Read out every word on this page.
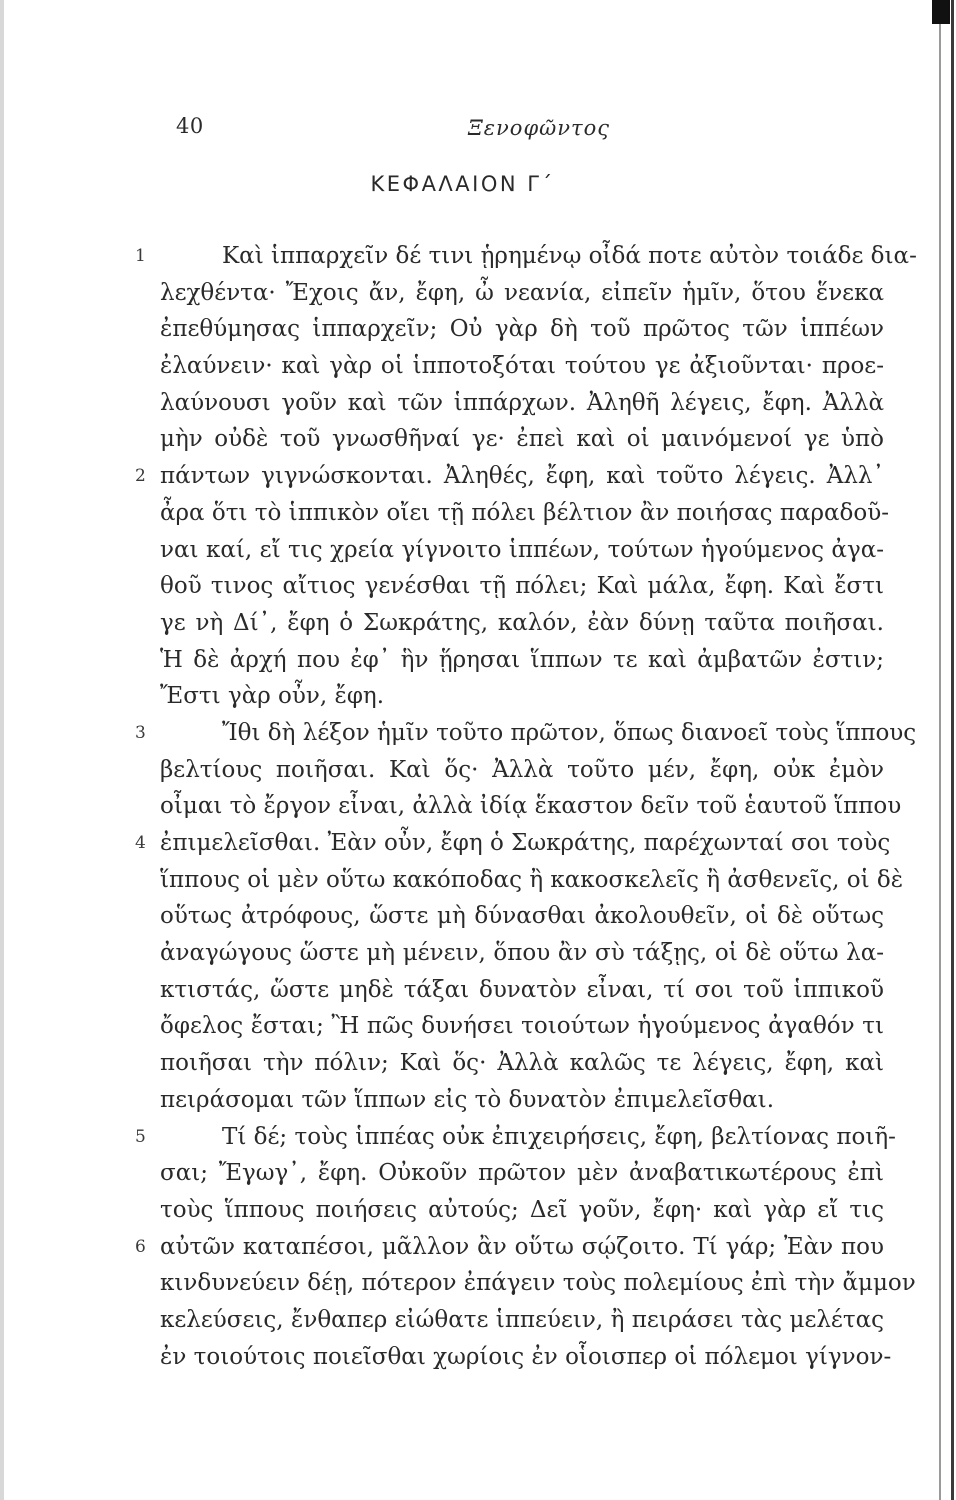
40	Ξενοφῶντος
ΚΕΦΑΛΑΙΟΝ Γ΄
1	Καὶ ἱππαρχεῖν δέ τινι ᾑρημένῳ οἶδά ποτε αὐτὸν τοιάδε δια-
λεχθέντα· Ἔχοις ἄν, ἔφη, ὦ νεανία, εἰπεῖν ἡμῖν, ὅτου ἕνεκα
ἐπεθύμησας ἱππαρχεῖν; Οὐ γὰρ δὴ τοῦ πρῶτος τῶν ἱππέων
ἐλαύνειν· καὶ γὰρ οἱ ἱπποτοξόται τούτου γε ἀξιοῦνται· προε-
λαύνουσι γοῦν καὶ τῶν ἱππάρχων. Ἀληθῆ λέγεις, ἔφη. Ἀλλὰ
μὴν οὐδὲ τοῦ γνωσθῆναί γε· ἐπεὶ καὶ οἱ μαινόμενοί γε ὑπὸ
2 πάντων γιγνώσκονται. Ἀληθές, ἔφη, καὶ τοῦτο λέγεις. Ἀλλ᾽
ἆρα ὅτι τὸ ἱππικὸν οἴει τῇ πόλει βέλτιον ἂν ποιήσας παραδοῦ-
ναι καί, εἴ τις χρεία γίγνοιτο ἱππέων, τούτων ἡγούμενος ἀγα-
θοῦ τινος αἴτιος γενέσθαι τῇ πόλει; Καὶ μάλα, ἔφη. Καὶ ἔστι
γε νὴ Δί᾽, ἔφη ὁ Σωκράτης, καλόν, ἐὰν δύνῃ ταῦτα ποιῆσαι.
Ἡ δὲ ἀρχή που ἐφ᾽ ἣν ᾕρησαι ἵππων τε καὶ ἀμβατῶν ἐστιν;
Ἔστι γὰρ οὖν, ἔφη.
3	Ἴθι δὴ λέξον ἡμῖν τοῦτο πρῶτον, ὅπως διανοεῖ τοὺς ἵππους
βελτίους ποιῆσαι. Καὶ ὅς· Ἀλλὰ τοῦτο μέν, ἔφη, οὐκ ἐμὸν
οἶμαι τὸ ἔργον εἶναι, ἀλλὰ ἰδίᾳ ἕκαστον δεῖν τοῦ ἑαυτοῦ ἵππου
4 ἐπιμελεῖσθαι. Ἐὰν οὖν, ἔφη ὁ Σωκράτης, παρέχωνταί σοι τοὺς
ἵππους οἱ μὲν οὕτω κακόποδας ἢ κακοσκελεῖς ἢ ἀσθενεῖς, οἱ δὲ
οὕτως ἀτρόφους, ὥστε μὴ δύνασθαι ἀκολουθεῖν, οἱ δὲ οὕτως
ἀναγώγους ὥστε μὴ μένειν, ὅπου ἂν σὺ τάξῃς, οἱ δὲ οὕτω λα-
κτιστάς, ὥστε μηδὲ τάξαι δυνατὸν εἶναι, τί σοι τοῦ ἱππικοῦ
ὄφελος ἔσται; Ἢ πῶς δυνήσει τοιούτων ἡγούμενος ἀγαθόν τι
ποιῆσαι τὴν πόλιν; Καὶ ὅς· Ἀλλὰ καλῶς τε λέγεις, ἔφη, καὶ
πειράσομαι τῶν ἵππων εἰς τὸ δυνατὸν ἐπιμελεῖσθαι.
5	Τί δέ; τοὺς ἱππέας οὐκ ἐπιχειρήσεις, ἔφη, βελτίονας ποιῆ-
σαι; Ἔγωγ᾽, ἔφη. Οὐκοῦν πρῶτον μὲν ἀναβατικωτέρους ἐπὶ
τοὺς ἵππους ποιήσεις αὐτούς; Δεῖ γοῦν, ἔφη· καὶ γὰρ εἴ τις
6 αὐτῶν καταπέσοι, μᾶλλον ἂν οὕτω σῴζοιτο. Τί γάρ; Ἐὰν που
κινδυνεύειν δέῃ, πότερον ἐπάγειν τοὺς πολεμίους ἐπὶ τὴν ἄμμον
κελεύσεις, ἔνθαπερ εἰώθατε ἱππεύειν, ἢ πειράσει τὰς μελέτας
ἐν τοιούτοις ποιεῖσθαι χωρίοις ἐν οἷοισπερ οἱ πόλεμοι γίγνον-
